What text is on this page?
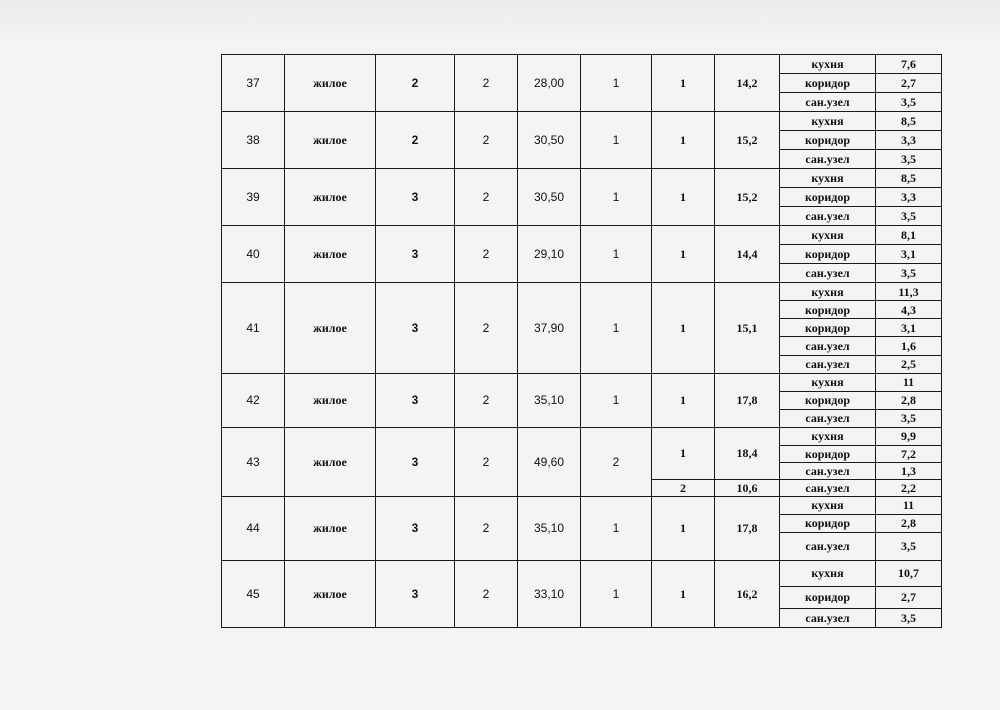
37	жилое	2	2	28,00	1	1	14,2	кухня	7,6
								коридор	2,7
								сан.узел	3,5
38	жилое	2	2	30,50	1	1	15,2	кухня	8,5
								коридор	3,3
								сан.узел	3,5
39	жилое	3	2	30,50	1	1	15,2	кухня	8,5
								коридор	3,3
								сан.узел	3,5
40	жилое	3	2	29,10	1	1	14,4	кухня	8,1
								коридор	3,1
								сан.узел	3,5
41	жилое	3	2	37,90	1	1	15,1	кухня	11,3
								коридор	4,3
								коридор	3,1
								сан.узел	1,6
								сан.узел	2,5
42	жилое	3	2	35,10	1	1	17,8	кухня	11
								коридор	2,8
								сан.узел	3,5
43	жилое	3	2	49,60	2	1	18,4	кухня	9,9
								коридор	7,2
								сан.узел	1,3
						2	10,6	сан.узел	2,2
44	жилое	3	2	35,10	1	1	17,8	кухня	11
								коридор	2,8
								сан.узел	3,5
45	жилое	3	2	33,10	1	1	16,2	кухня	10,7
								коридор	2,7
								сан.узел	3,5
